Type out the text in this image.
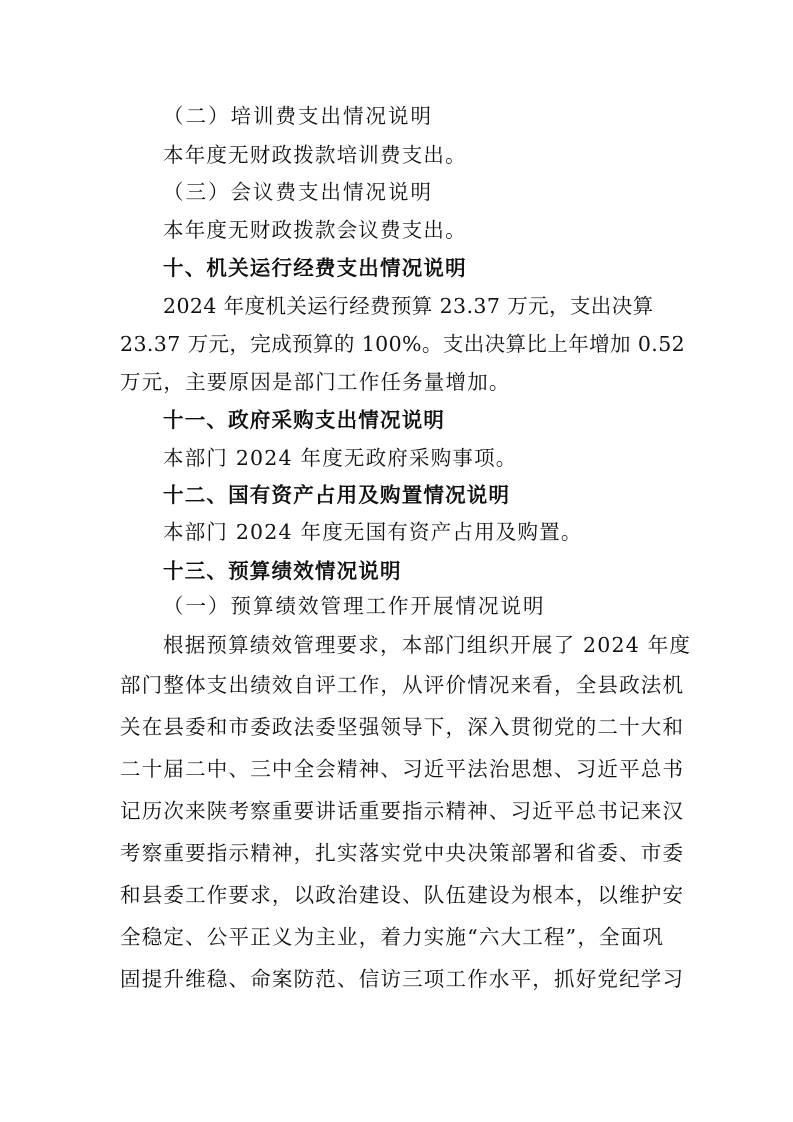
（二）培训费支出情况说明
本年度无财政拨款培训费支出。
（三）会议费支出情况说明
本年度无财政拨款会议费支出。
十、机关运行经费支出情况说明
2024 年度机关运行经费预算 23.37 万元，支出决算
23.37 万元，完成预算的 100%。支出决算比上年增加 0.52
万元，主要原因是部门工作任务量增加。
十一、政府采购支出情况说明
本部门 2024 年度无政府采购事项。
十二、国有资产占用及购置情况说明
本部门 2024 年度无国有资产占用及购置。
十三、预算绩效情况说明
（一）预算绩效管理工作开展情况说明
根据预算绩效管理要求，本部门组织开展了 2024 年度
部门整体支出绩效自评工作，从评价情况来看，全县政法机
关在县委和市委政法委坚强领导下，深入贯彻党的二十大和
二十届二中、三中全会精神、习近平法治思想、习近平总书
记历次来陕考察重要讲话重要指示精神、习近平总书记来汉
考察重要指示精神，扎实落实党中央决策部署和省委、市委
和县委工作要求，以政治建设、队伍建设为根本，以维护安
全稳定、公平正义为主业，着力实施“六大工程”，全面巩
固提升维稳、命案防范、信访三项工作水平，抓好党纪学习
